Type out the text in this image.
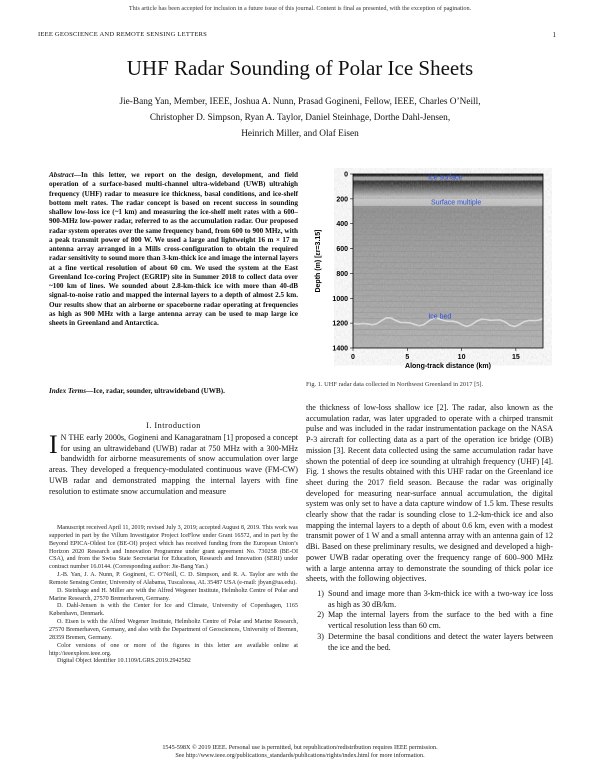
This article has been accepted for inclusion in a future issue of this journal. Content is final as presented, with the exception of pagination.
IEEE GEOSCIENCE AND REMOTE SENSING LETTERS	1
UHF Radar Sounding of Polar Ice Sheets
Jie-Bang Yan, Member, IEEE, Joshua A. Nunn, Prasad Gogineni, Fellow, IEEE, Charles O’Neill,
Christopher D. Simpson, Ryan A. Taylor, Daniel Steinhage, Dorthe Dahl-Jensen,
Heinrich Miller, and Olaf Eisen

Abstract—In this letter, we report on the design, development, and field operation of a surface-based multi-channel ultra-wideband (UWB) ultrahigh frequency (UHF) radar to measure ice thickness, basal conditions, and ice-shelf bottom melt rates. The radar concept is based on recent success in sounding shallow low-loss ice (~1 km) and measuring the ice-shelf melt rates with a 600–900-MHz low-power radar, referred to as the accumulation radar. Our proposed radar system operates over the same frequency band, from 600 to 900 MHz, with a peak transmit power of 800 W. We used a large and lightweight 16 m × 17 m antenna array arranged in a Mills cross-configuration to obtain the required radar sensitivity to sound more than 3-km-thick ice and image the internal layers at a fine vertical resolution of about 60 cm. We used the system at the East Greenland Ice-coring Project (EGRIP) site in Summer 2018 to collect data over ~100 km of lines. We sounded about 2.8-km-thick ice with more than 40-dB signal-to-noise ratio and mapped the internal layers to a depth of almost 2.5 km. Our results show that an airborne or spaceborne radar operating at frequencies as high as 900 MHz with a large antenna array can be used to map large ice sheets in Greenland and Antarctica.

Index Terms—Ice, radar, sounder, ultrawideband (UWB).

I. Introduction
I N THE early 2000s, Gogineni and Kanagaratnam [1] proposed a concept for using an ultrawideband (UWB) radar at 750 MHz with a 300-MHz bandwidth for airborne measurements of snow accumulation over large areas. They developed a frequency-modulated continuous wave (FM-CW) UWB radar and demonstrated mapping the internal layers with fine resolution to estimate snow accumulation and measure

Manuscript received April 11, 2019; revised July 3, 2019; accepted August 8, 2019. This work was supported in part by the Villum Investigator Project IceFlow under Grant 16572, and in part by the Beyond EPICA-Oldest Ice (BE-OI) project which has received funding from the European Union’s Horizon 2020 Research and Innovation Programme under grant agreement No. 730258 (BE-OI CSA), and from the Swiss State Secretariat for Education, Research and Innovation (SERI) under contract number 16.0144. (Corresponding author: Jie-Bang Yan.)

J.-B. Yan, J. A. Nunn, P. Gogineni, C. O’Neill, C. D. Simpson, and R. A. Taylor are with the Remote Sensing Center, University of Alabama, Tuscaloosa, AL 35487 USA (e-mail: jbyan@ua.edu).

D. Steinhage and H. Miller are with the Alfred Wegener Institute, Helmholtz Centre of Polar and Marine Research, 27570 Bremerhaven, Germany.

D. Dahl-Jensen is with the Center for Ice and Climate, University of Copenhagen, 1165 København, Denmark.

O. Eisen is with the Alfred Wegener Institute, Helmholtz Centre of Polar and Marine Research, 27570 Bremerhaven, Germany, and also with the Department of Geosciences, University of Bremen, 28359 Bremen, Germany.

Color versions of one or more of the figures in this letter are available online at http://ieeexplore.ieee.org.

Digital Object Identifier 10.1109/LGRS.2019.2942582

0
200
400
600
800
1000
1200
1400
0	5	10	15
Along-track distance (km)
Depth (m) [εr=3.15]
Ice surface
Surface multiple
Ice bed
Fig. 1. UHF radar data collected in Northwest Greenland in 2017 [5].

the thickness of low-loss shallow ice [2]. The radar, also known as the accumulation radar, was later upgraded to operate with a chirped transmit pulse and was included in the radar instrumentation package on the NASA P-3 aircraft for collecting data as a part of the operation ice bridge (OIB) mission [3]. Recent data collected using the same accumulation radar have shown the potential of deep ice sounding at ultrahigh frequency (UHF) [4]. Fig. 1 shows the results obtained with this UHF radar on the Greenland ice sheet during the 2017 field season. Because the radar was originally developed for measuring near-surface annual accumulation, the digital system was only set to have a data capture window of 1.5 km. These results clearly show that the radar is sounding close to 1.2-km-thick ice and also mapping the internal layers to a depth of about 0.6 km, even with a modest transmit power of 1 W and a small antenna array with an antenna gain of 12 dBi. Based on these preliminary results, we designed and developed a high-power UWB radar operating over the frequency range of 600–900 MHz with a large antenna array to demonstrate the sounding of thick polar ice sheets, with the following objectives.

1) Sound and image more than 3-km-thick ice with a two-way ice loss as high as 30 dB/km.
2) Map the internal layers from the surface to the bed with a fine vertical resolution less than 60 cm.
3) Determine the basal conditions and detect the water layers between the ice and the bed.
1545-598X © 2019 IEEE. Personal use is permitted, but republication/redistribution requires IEEE permission.
See http://www.ieee.org/publications_standards/publications/rights/index.html for more information.
